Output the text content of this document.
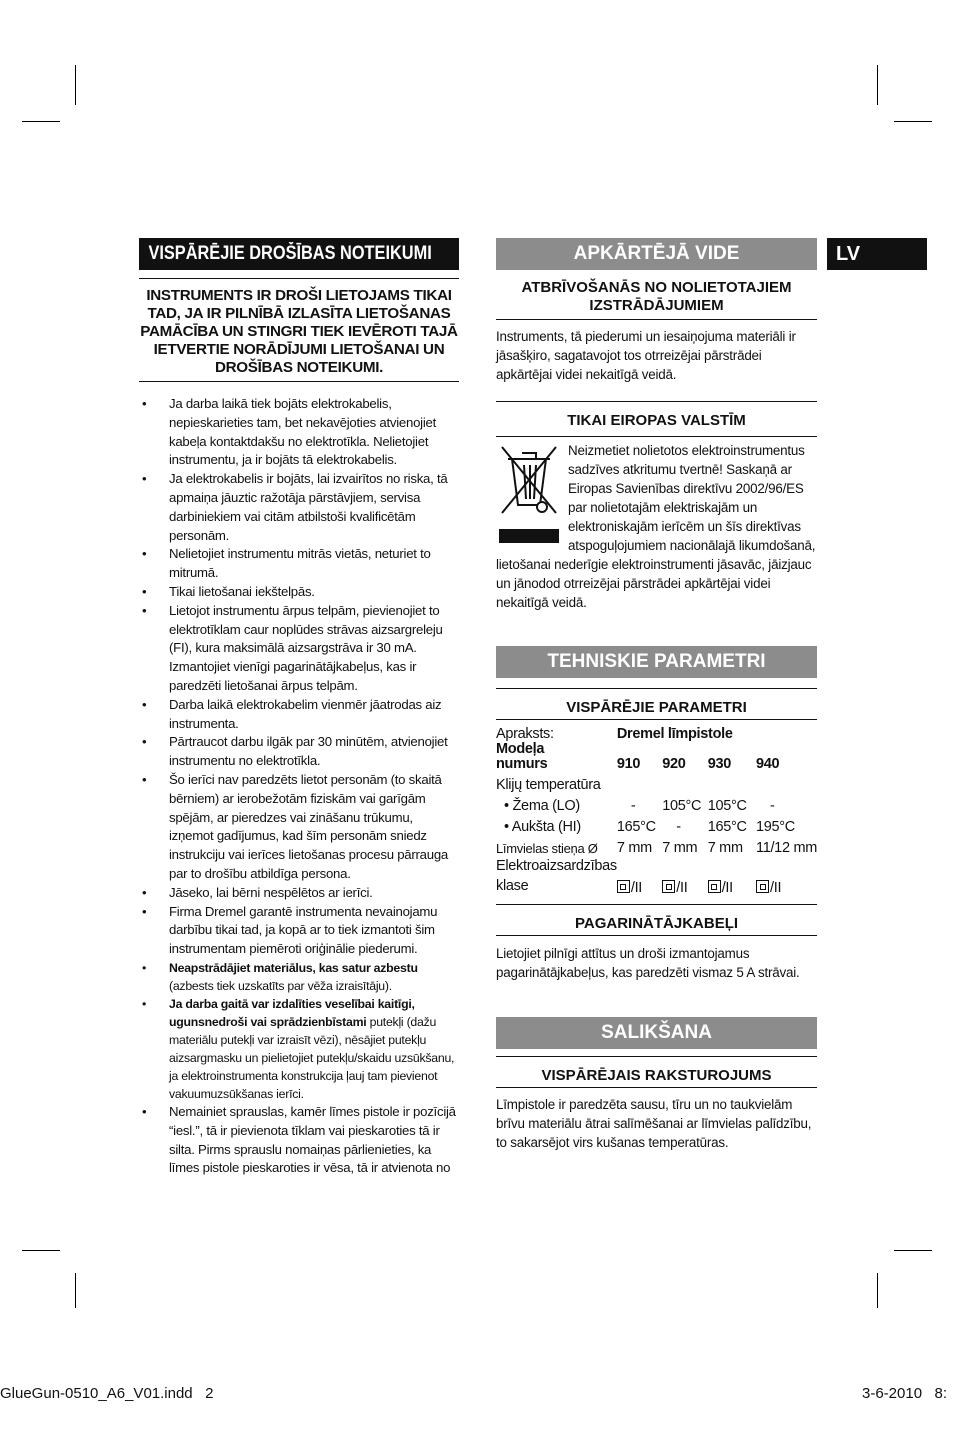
VISPĀRĒJIE DROŠĪBAS NOTEIKUMI
INSTRUMENTS IR DROŠI LIETOJAMS TIKAI TAD, JA IR PILNĪBĀ IZLASĪTA LIETOŠANAS PAMĀCĪBA UN STINGRI TIEK IEVĒROTI TAJĀ IETVERTIE NORĀDĪJUMI LIETOŠANAI UN DROŠĪBAS NOTEIKUMI.
• Ja darba laikā tiek bojāts elektrokabelis, nepieskarieties tam, bet nekavējoties atvienojiet kabeļa kontaktdakšu no elektrotīkla. Nelietojiet instrumentu, ja ir bojāts tā elektrokabelis.
• Ja elektrokabelis ir bojāts, lai izvairītos no riska, tā apmaiņa jāuztic ražotāja pārstāvjiem, servisa darbiniekiem vai citām atbilstoši kvalificētām personām.
• Nelietojiet instrumentu mitrās vietās, neturiet to mitrumā.
• Tikai lietošanai iekštelpās.
• Lietojot instrumentu ārpus telpām, pievienojiet to elektrotīklam caur noplūdes strāvas aizsargreleju (FI), kura maksimālā aizsargstrāva ir 30 mA. Izmantojiet vienīgi pagarinātājkabeļus, kas ir paredzēti lietošanai ārpus telpām.
• Darba laikā elektrokabelim vienmēr jāatrodas aiz instrumenta.
• Pārtraucot darbu ilgāk par 30 minūtēm, atvienojiet instrumentu no elektrotīkla.
• Šo ierīci nav paredzēts lietot personām (to skaitā bērniem) ar ierobežotām fiziskām vai garīgām spējām, ar pieredzes vai zināšanu trūkumu, izņemot gadījumus, kad šīm personām sniedz instrukciju vai ierīces lietošanas procesu pārrauga par to drošību atbildīga persona.
• Jāseko, lai bērni nespēlētos ar ierīci.
• Firma Dremel garantē instrumenta nevainojamu darbību tikai tad, ja kopā ar to tiek izmantoti šim instrumentam piemēroti oriģinālie piederumi.
• Neapstrādājiet materiālus, kas satur azbestu (azbests tiek uzskatīts par vēža izraisītāju).
• Ja darba gaitā var izdalīties veselībai kaitīgi, ugunsnedroši vai sprādzienbīstami putekļi (dažu materiālu putekļi var izraisīt vēzi), nēsājiet putekļu aizsargmasku un pielietojiet putekļu/skaidu uzsūkšanu, ja elektroinstrumenta konstrukcija ļauj tam pievienot vakuumuzsūkšanas ierīci.
• Nemainiet sprauslas, kamēr līmes pistole ir pozīcijā “iesl.”, tā ir pievienota tīklam vai pieskaroties tā ir silta. Pirms sprauslu nomaiņas pārlienieties, ka līmes pistole pieskaroties ir vēsa, tā ir atvienota no
APKĀRTĒJĀ VIDE
ATBRĪVOŠANĀS NO NOLIETOTAJIEM IZSTRĀDĀJUMIEM
Instruments, tā piederumi un iesaiņojuma materiāli ir jāsašķiro, sagatavojot tos otrreizējai pārstrādei apkārtējai videi nekaitīgā veidā.
TIKAI EIROPAS VALSTĪM
Neizmetiet nolietotos elektroinstrumentus sadzīves atkritumu tvertnē! Saskaņā ar Eiropas Savienības direktīvu 2002/96/ES par nolietotajām elektriskajām un elektroniskajām ierīcēm un šīs direktīvas atspoguļojumiem nacionālajā likumdošanā, lietošanai nederīgie elektroinstrumenti jāsavāc, jāizjauc un jānodod otrreizējai pārstrādei apkārtējai videi nekaitīgā veidā.
TEHNISKIE PARAMETRI
VISPĀRĒJIE PARAMETRI
Apraksts:	Dremel līmpistole			
Modeļa
numurs	910	920	930	940
Klijų temperatūra				
• Žema (LO)	-	105°C	105°C	-
• Aukšta (HI)	165°C	-	165°C	195°C
Līmvielas stieņa Ø	7 mm	7 mm	7 mm	11/12 mm
Elektroaizsardzības
klase	/II	/II	/II	/II
PAGARINĀTĀJKABEĻI
Lietojiet pilnīgi attītus un droši izmantojamus pagarinātājkabeļus, kas paredzēti vismaz 5 A strāvai.
SALIKŠANA
VISPĀRĒJAIS RAKSTUROJUMS
Līmpistole ir paredzēta sausu, tīru un no taukvielām brīvu materiālu ātrai salīmēšanai ar līmvielas palīdzību, to sakarsējot virs kušanas temperatūras.
LV
GlueGun-0510_A6_V01.indd   2	3-6-2010   8:
